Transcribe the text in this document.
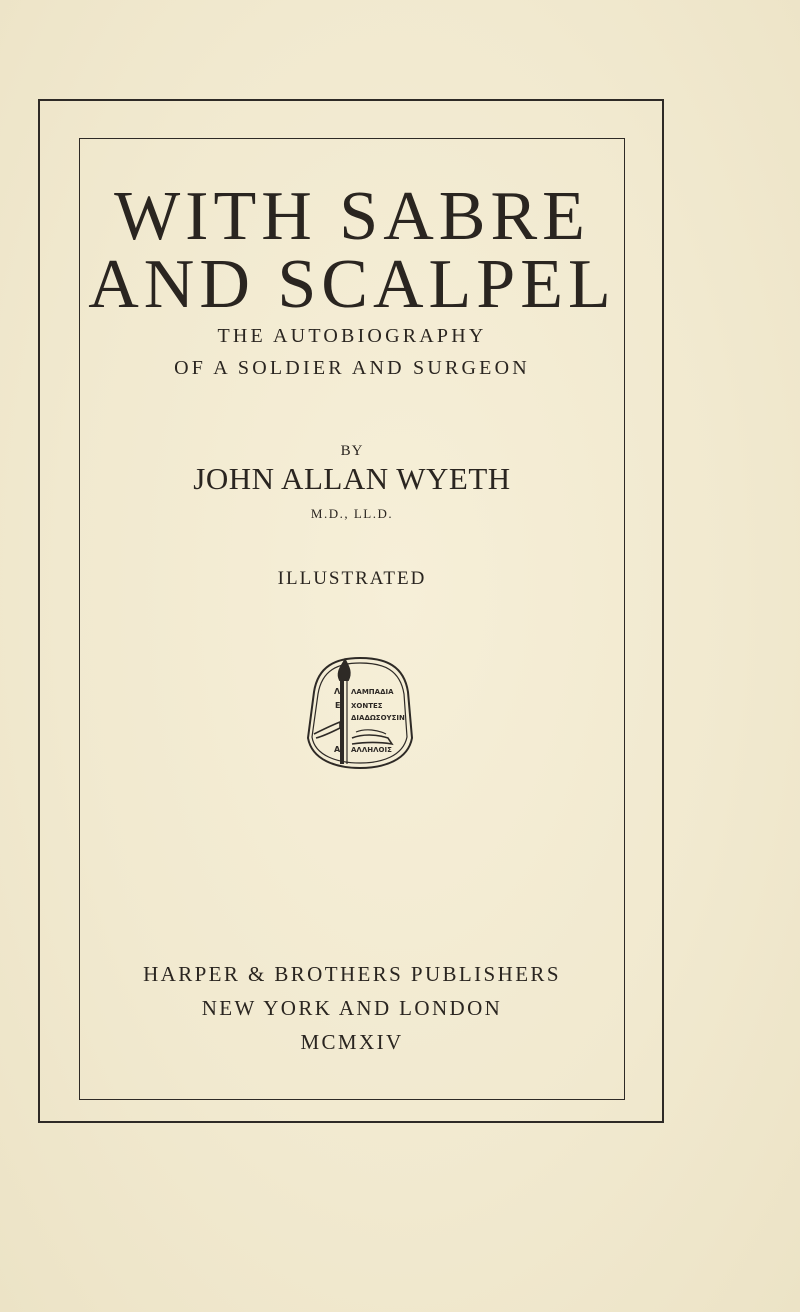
WITH SABRE
AND SCALPEL
THE AUTOBIOGRAPHY
OF A SOLDIER AND SURGEON
BY
JOHN ALLAN WYETH
M.D., LL.D.
ILLUSTRATED
Λ ΛΑΜΠΑΔΙΑ
E ΧΟΝΤΕΣ
ΔΙΑΔΩΣΟΥΣΙΝ
Α ΑΛΛΗΛΟΙΣ
HARPER & BROTHERS PUBLISHERS
NEW YORK AND LONDON
MCMXIV
